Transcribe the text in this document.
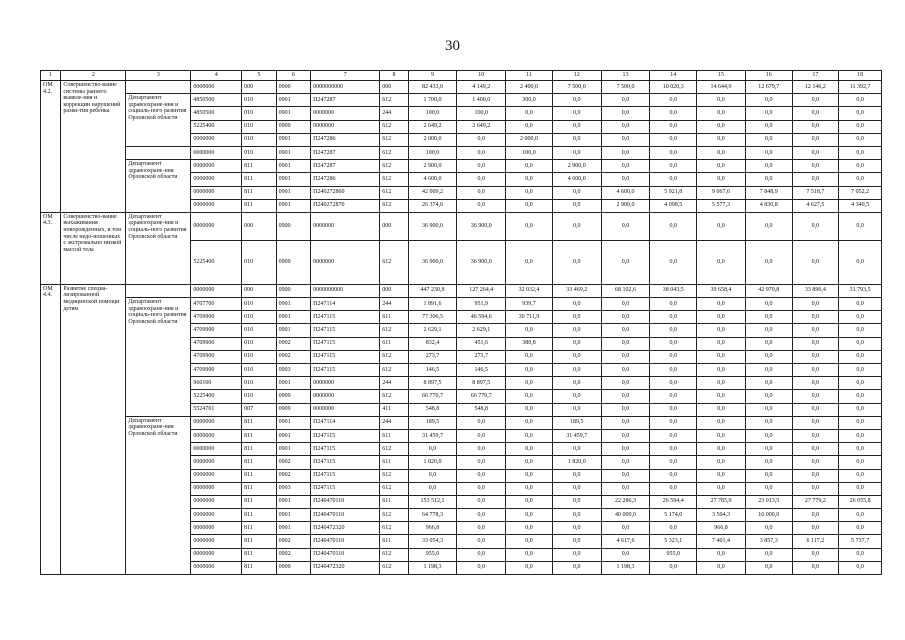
30
1	2	3	4	5	6	7	8	9	10	11	12	13	14	15	16	17	18
ОМ 4.2.	Совершенство-вание системы раннего выявле-ния и коррекции нарушений разви-тия ребенка		0000000	000	0900	0000000000	000	82 433,0	4 149,2	2 400,0	7 500,0	7 500,0	10 020,3	14 644,9	12 679,7	12 146,2	11 392,7
		Департамент здравоохране-ния и социаль-ного развития Орловской области	4850500	010	0901	П247287	612	1 700,0	1 400,0	300,0	0,0	0,0	0,0	0,0	0,0	0,0	0,0
			4850500	010	0901	0000000	244	100,0	100,0	0,0	0,0	0,0	0,0	0,0	0,0	0,0	0,0
			5225400	010	0909	0000000	612	2 649,2	2 649,2	0,0	0,0	0,0	0,0	0,0	0,0	0,0	0,0
			0000000	010	0901	П247286	612	2 000,0	0,0	2 000,0	0,0	0,0	0,0	0,0	0,0	0,0	0,0
			0000000	010	0901	П247287	612	100,0	0,0	100,0	0,0	0,0	0,0	0,0	0,0	0,0	0,0
		Департамент здравоохране-ния Орловской области	0000000	811	0901	П247287	612	2 900,0	0,0	0,0	2 900,0	0,0	0,0	0,0	0,0	0,0	0,0
			0000000	811	0901	П247286	612	4 600,0	0,0	0,0	4 600,0	0,0	0,0	0,0	0,0	0,0	0,0
			0000000	811	0901	П240272860	612	42 009,2	0,0	0,0	0,0	4 600,0	5 921,8	9 067,6	7 848,9	7 518,7	7 052,2
			0000000	811	0901	П240272870	612	26 374,6	0,0	0,0	0,0	2 900,0	4 098,5	5 577,3	4 830,8	4 627,5	4 340,5
ОМ 4.3.	Совершенство-вание выхаживания новорожденных, в том числе недо-ношенных с экстремально низкой массой тела	Департамент здравоохране-ния и социаль-ного развития Орловской области	0000000	000	0900	0000000	000	36 900,0	36 900,0	0,0	0,0	0,0	0,0	0,0	0,0	0,0	0,0
			5225400	010	0909	0000000	612	36 900,0	36 900,0	0,0	0,0	0,0	0,0	0,0	0,0	0,0	0,0
ОМ 4.4.	Развитие специа-лизированной медицинской помощи детям		0000000	000	0900	0000000000	000	447 230,8	127 264,4	32 032,4	33 469,2	68 102,6	38 043,5	39 658,4	42 970,8	33 896,4	31 793,5
		Департамент здравоохране-ния и социаль-ного развития Орловской области	4707700	010	0901	П247114	244	1 891,6	951,9	939,7	0,0	0,0	0,0	0,0	0,0	0,0	0,0
			4709900	010	0901	П247115	611	77 306,5	46 594,6	30 711,9	0,0	0,0	0,0	0,0	0,0	0,0	0,0
			4709900	010	0901	П247115	612	2 629,1	2 629,1	0,0	0,0	0,0	0,0	0,0	0,0	0,0	0,0
			4709900	010	0902	П247115	611	832,4	451,6	380,8	0,0	0,0	0,0	0,0	0,0	0,0	0,0
			4709900	010	0902	П247115	612	273,7	273,7	0,0	0,0	0,0	0,0	0,0	0,0	0,0	0,0
			4709900	010	0903	П247115	612	146,5	146,5	0,0	0,0	0,0	0,0	0,0	0,0	0,0	0,0
			960100	010	0901	0000000	244	8 897,5	8 897,5	0,0	0,0	0,0	0,0	0,0	0,0	0,0	0,0
			5225400	010	0909	0000000	612	66 770,7	66 770,7	0,0	0,0	0,0	0,0	0,0	0,0	0,0	0,0
			5524701	007	0909	0000000	411	548,8	548,8	0,0	0,0	0,0	0,0	0,0	0,0	0,0	0,0
		Департамент здравоохране-ния Орловской области	0000000	811	0901	П247114	244	189,5	0,0	0,0	189,5	0,0	0,0	0,0	0,0	0,0	0,0
			0000000	811	0901	П247115	611	31 459,7	0,0	0,0	31 459,7	0,0	0,0	0,0	0,0	0,0	0,0
			0000000	811	0901	П247115	612	0,0	0,0	0,0	0,0	0,0	0,0	0,0	0,0	0,0	0,0
			0000000	811	0902	П247115	611	1 820,0	0,0	0,0	1 820,0	0,0	0,0	0,0	0,0	0,0	0,0
			0000000	811	0902	П247115	612	0,0	0,0	0,0	0,0	0,0	0,0	0,0	0,0	0,0	0,0
			0000000	811	0903	П247115	612	0,0	0,0	0,0	0,0	0,0	0,0	0,0	0,0	0,0	0,0
			0000000	811	0901	П240470110	611	153 512,1	0,0	0,0	0,0	22 286,3	26 594,4	27 785,9	23 013,5	27 779,2	26 055,8
			0000000	811	0901	П240470110	612	64 778,3	0,0	0,0	0,0	40 000,0	5 174,0	3 504,3	16 000,0	0,0	0,0
			0000000	811	0901	П240472320	612	966,8	0,0	0,0	0,0	0,0	0,0	966,8	0,0	0,0	0,0
			0000000	811	0902	П240470110	611	33 054,3	0,0	0,0	0,0	4 617,6	5 323,1	7 401,4	3 857,3	6 117,2	5 737,7
			0000000	811	0902	П240470110	612	955,0	0,0	0,0	0,0	0,0	955,0	0,0	0,0	0,0	0,0
			0000000	811	0909	П240472320	612	1 198,3	0,0	0,0	0,0	1 198,3	0,0	0,0	0,0	0,0	0,0
